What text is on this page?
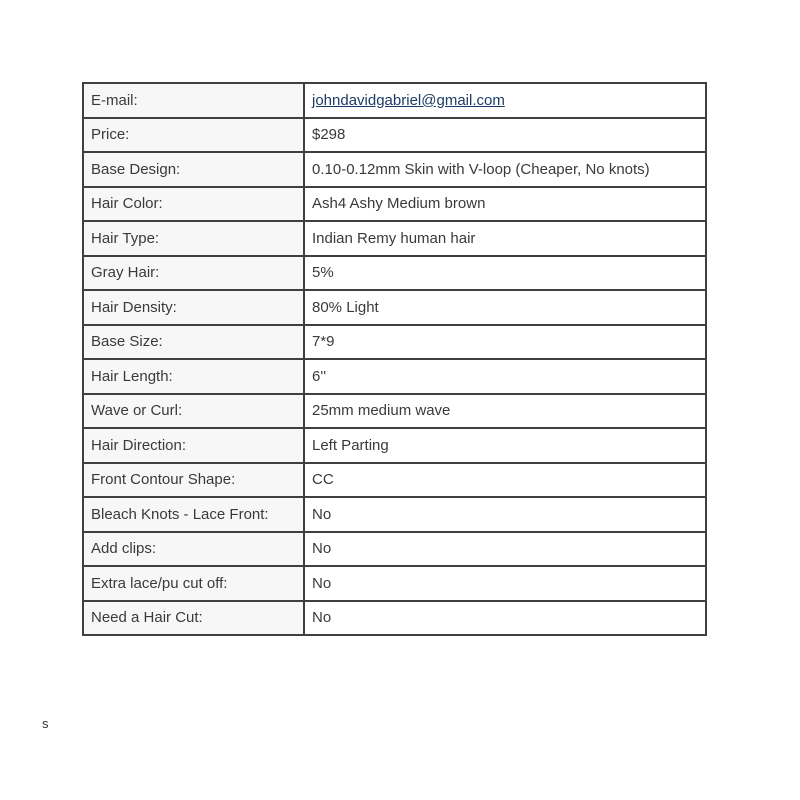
E-mail:	johndavidgabriel@gmail.com
Price:	$298
Base Design:	0.10-0.12mm Skin with V-loop (Cheaper, No knots)
Hair Color:	Ash4 Ashy Medium brown
Hair Type:	Indian Remy human hair
Gray Hair:	5%
Hair Density:	80% Light
Base Size:	7*9
Hair Length:	6''
Wave or Curl:	25mm medium wave
Hair Direction:	Left Parting
Front Contour Shape:	CC
Bleach Knots - Lace Front:	No
Add clips:	No
Extra lace/pu cut off:	No
Need a Hair Cut:	No
s
